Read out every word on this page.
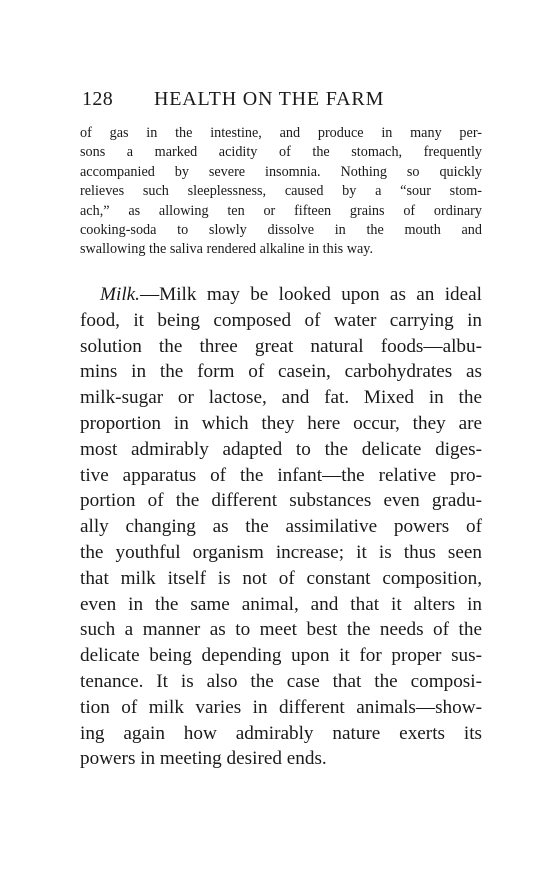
128 HEALTH ON THE FARM
of gas in the intestine, and produce in many per-
sons a marked acidity of the stomach, frequently
accompanied by severe insomnia. Nothing so quickly
relieves such sleeplessness, caused by a “sour stom-
ach,” as allowing ten or fifteen grains of ordinary
cooking-soda to slowly dissolve in the mouth and
swallowing the saliva rendered alkaline in this way.
Milk.—Milk may be looked upon as an ideal
food, it being composed of water carrying in
solution the three great natural foods—albu-
mins in the form of casein, carbohydrates as
milk-sugar or lactose, and fat. Mixed in the
proportion in which they here occur, they are
most admirably adapted to the delicate diges-
tive apparatus of the infant—the relative pro-
portion of the different substances even gradu-
ally changing as the assimilative powers of
the youthful organism increase; it is thus seen
that milk itself is not of constant composition,
even in the same animal, and that it alters in
such a manner as to meet best the needs of the
delicate being depending upon it for proper sus-
tenance. It is also the case that the composi-
tion of milk varies in different animals—show-
ing again how admirably nature exerts its
powers in meeting desired ends.
